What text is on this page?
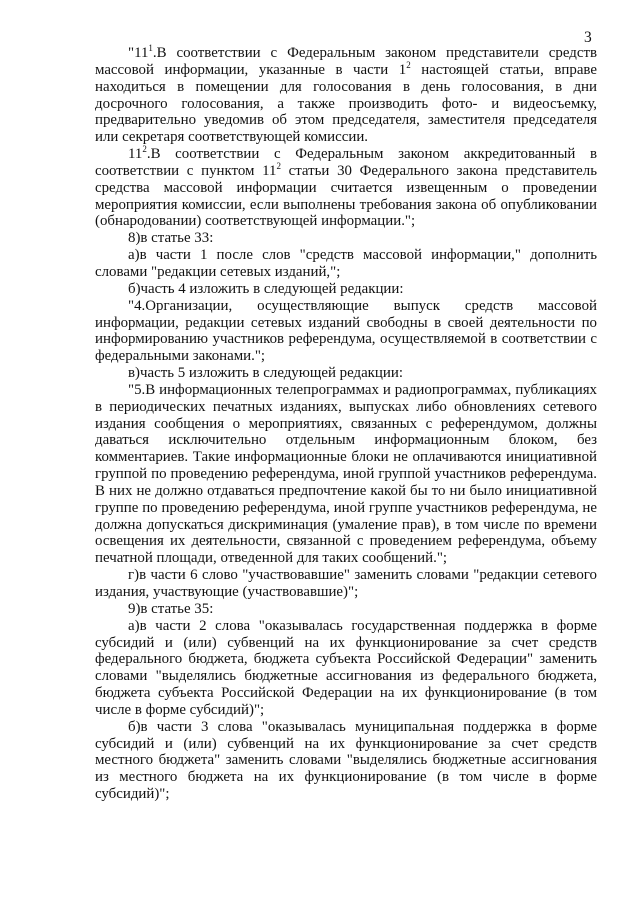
3

"$11^1.В$ соответствии с Федеральным законом представители средств массовой информации, указанные в части $1^2$ настоящей статьи, вправе находиться в помещении для голосования в день голосования, в дни досрочного голосования, а также производить фото- и видеосъемку, предварительно уведомив об этом председателя, заместителя председателя или секретаря соответствующей комиссии.

$11^2.В$ соответствии с Федеральным законом аккредитованный в соответствии с пунктом $11^2$ статьи 30 Федерального закона представитель средства массовой информации считается извещенным о проведении мероприятия комиссии, если выполнены требования закона об опубликовании (обнародовании) соответствующей информации.";

8)в статье 33:

а)в части 1 после слов "средств массовой информации," дополнить словами "редакции сетевых изданий,";

б)часть 4 изложить в следующей редакции:

"4.Организации, осуществляющие выпуск средств массовой информации, редакции сетевых изданий свободны в своей деятельности по информированию участников референдума, осуществляемой в соответствии с федеральными законами.";

в)часть 5 изложить в следующей редакции:

"5.В информационных телепрограммах и радиопрограммах, публикациях в периодических печатных изданиях, выпусках либо обновлениях сетевого издания сообщения о мероприятиях, связанных с референдумом, должны даваться исключительно отдельным информационным блоком, без комментариев. Такие информационные блоки не оплачиваются инициативной группой по проведению референдума, иной группой участников референдума. В них не должно отдаваться предпочтение какой бы то ни было инициативной группе по проведению референдума, иной группе участников референдума, не должна допускаться дискриминация (умаление прав), в том числе по времени освещения их деятельности, связанной с проведением референдума, объему печатной площади, отведенной для таких сообщений.";

г)в части 6 слово "участвовавшие" заменить словами "редакции сетевого издания, участвующие (участвовавшие)";

9)в статье 35:

а)в части 2 слова "оказывалась государственная поддержка в форме субсидий и (или) субвенций на их функционирование за счет средств федерального бюджета, бюджета субъекта Российской Федерации" заменить словами "выделялись бюджетные ассигнования из федерального бюджета, бюджета субъекта Российской Федерации на их функционирование (в том числе в форме субсидий)";

б)в части 3 слова "оказывалась муниципальная поддержка в форме субсидий и (или) субвенций на их функционирование за счет средств местного бюджета" заменить словами "выделялись бюджетные ассигнования из местного бюджета на их функционирование (в том числе в форме субсидий)";
